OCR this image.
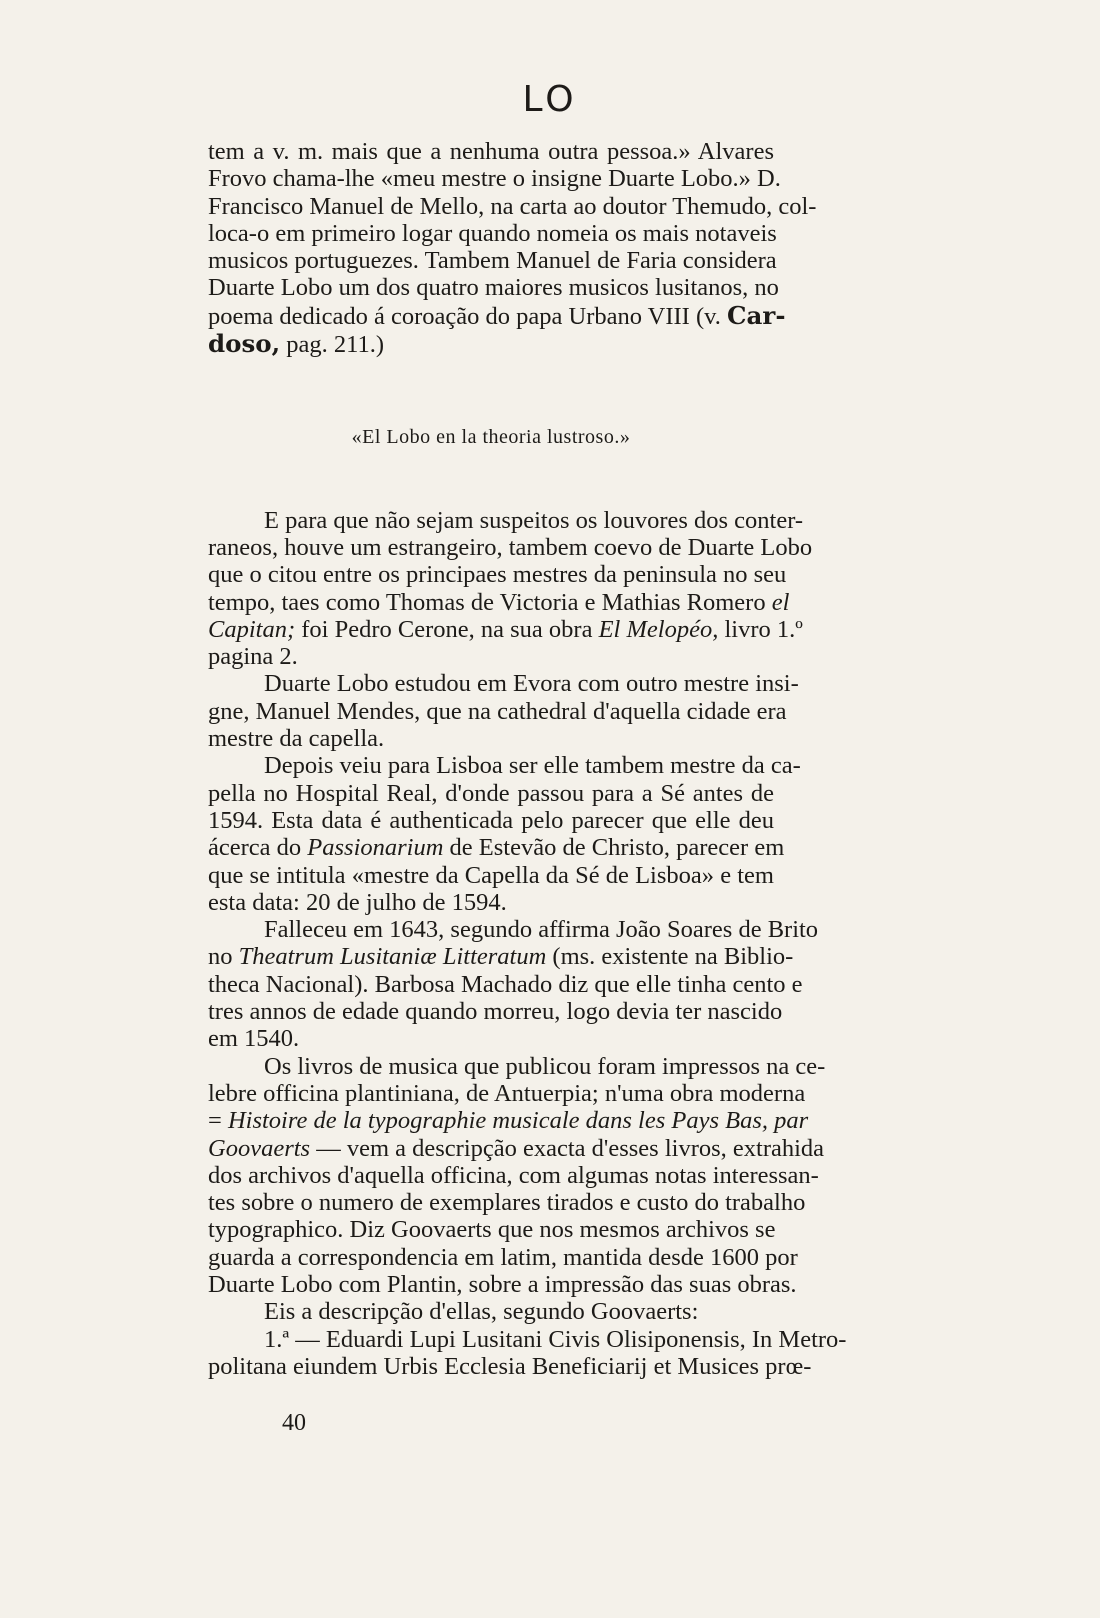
LO
tem a v. m. mais que a nenhuma outra pessoa.» Alvares
Frovo chama-lhe «meu mestre o insigne Duarte Lobo.» D.
Francisco Manuel de Mello, na carta ao doutor Themudo, col-
loca-o em primeiro logar quando nomeia os mais notaveis
musicos portuguezes. Tambem Manuel de Faria considera
Duarte Lobo um dos quatro maiores musicos lusitanos, no
poema dedicado á coroação do papa Urbano VIII (v. Car-
doso, pag. 211.)
«El Lobo en la theoria lustroso.»
E para que não sejam suspeitos os louvores dos conter-
raneos, houve um estrangeiro, tambem coevo de Duarte Lobo
que o citou entre os principaes mestres da peninsula no seu
tempo, taes como Thomas de Victoria e Mathias Romero el
Capitan; foi Pedro Cerone, na sua obra El Melopéo, livro 1.º
pagina 2.
Duarte Lobo estudou em Evora com outro mestre insi-
gne, Manuel Mendes, que na cathedral d'aquella cidade era
mestre da capella.
Depois veiu para Lisboa ser elle tambem mestre da ca-
pella no Hospital Real, d'onde passou para a Sé antes de
1594. Esta data é authenticada pelo parecer que elle deu
ácerca do Passionarium de Estevão de Christo, parecer em
que se intitula «mestre da Capella da Sé de Lisboa» e tem
esta data: 20 de julho de 1594.
Falleceu em 1643, segundo affirma João Soares de Brito
no Theatrum Lusitaniæ Litteratum (ms. existente na Biblio-
theca Nacional). Barbosa Machado diz que elle tinha cento e
tres annos de edade quando morreu, logo devia ter nascido
em 1540.
Os livros de musica que publicou foram impressos na ce-
lebre officina plantiniana, de Antuerpia; n'uma obra moderna
= Histoire de la typographie musicale dans les Pays Bas, par
Goovaerts — vem a descripção exacta d'esses livros, extrahida
dos archivos d'aquella officina, com algumas notas interessan-
tes sobre o numero de exemplares tirados e custo do trabalho
typographico. Diz Goovaerts que nos mesmos archivos se
guarda a correspondencia em latim, mantida desde 1600 por
Duarte Lobo com Plantin, sobre a impressão das suas obras.
Eis a descripção d'ellas, segundo Goovaerts:
1.ª — Eduardi Lupi Lusitani Civis Olisiponensis, In Metro-
politana eiundem Urbis Ecclesia Beneficiarij et Musices prœ-
40
